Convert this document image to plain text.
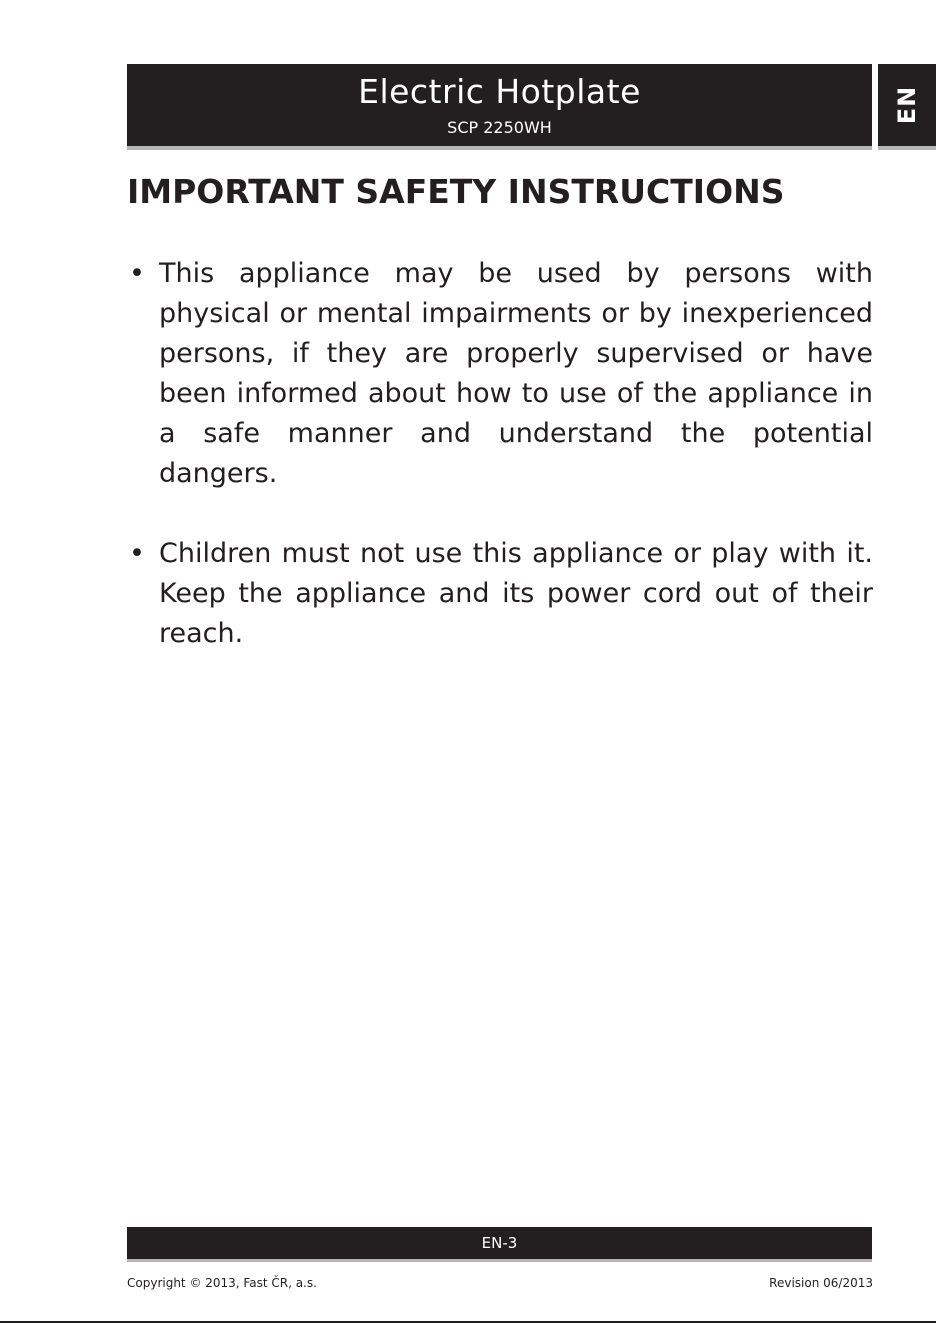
Electric Hotplate
SCP 2250WH
EN
IMPORTANT SAFETY INSTRUCTIONS
• This appliance may be used by persons with physical or mental impairments or by inexperienced persons, if they are properly supervised or have been informed about how to use of the appliance in a safe manner and understand the potential dangers.
• Children must not use this appliance or play with it. Keep the appliance and its power cord out of their reach.
EN-3
Copyright © 2013, Fast ČR, a.s.	Revision 06/2013
